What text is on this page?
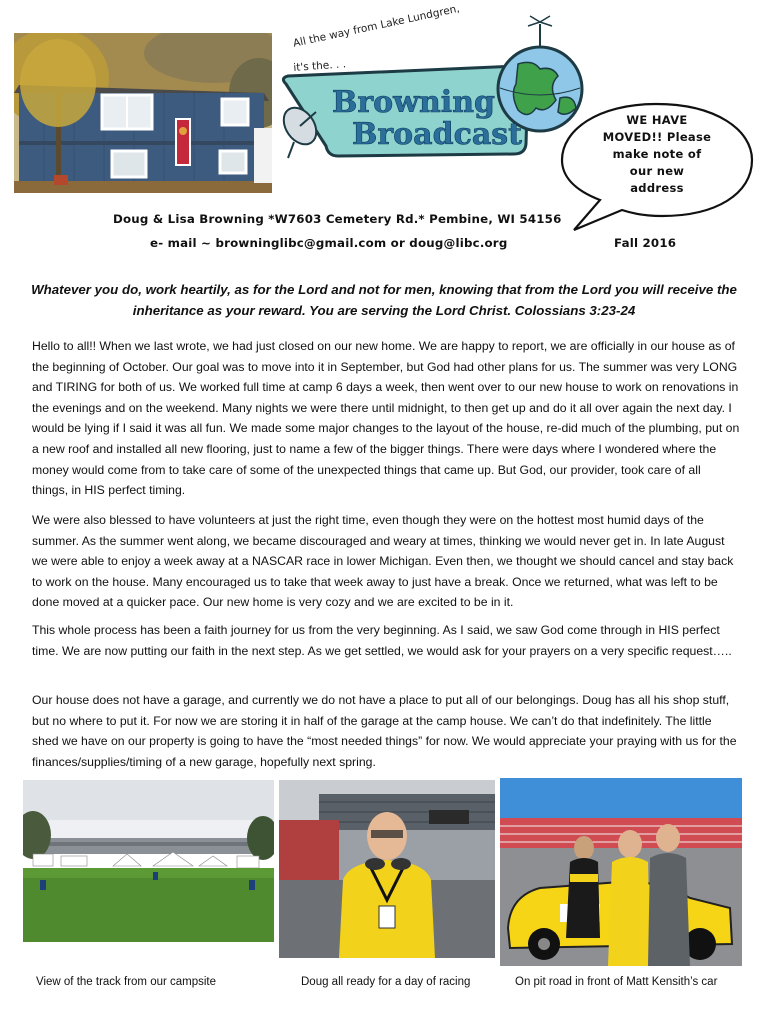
Browning
Broadcast
All the way from Lake Lundgren,
it's the. . .
WE HAVE
MOVED!! Please
make note of
our new
address
Doug & Lisa Browning *W7603 Cemetery Rd.* Pembine, WI 54156
e- mail ~ browninglibc@gmail.com or doug@libc.org	Fall 2016
Whatever you do, work heartily, as for the Lord and not for men, knowing that from the Lord you will receive the inheritance as your reward. You are serving the Lord Christ. Colossians 3:23-24

Hello to all!! When we last wrote, we had just closed on our new home. We are happy to report, we are officially in our house as of the beginning of October. Our goal was to move into it in September, but God had other plans for us. The summer was very LONG and TIRING for both of us. We worked full time at camp 6 days a week, then went over to our new house to work on renovations in the evenings and on the weekend. Many nights we were there until midnight, to then get up and do it all over again the next day. I would be lying if I said it was all fun. We made some major changes to the layout of the house, re-did much of the plumbing, put on a new roof and installed all new flooring, just to name a few of the bigger things. There were days where I wondered where the money would come from to take care of some of the unexpected things that came up. But God, our provider, took care of all things, in HIS perfect timing.

We were also blessed to have volunteers at just the right time, even though they were on the hottest most humid days of the summer. As the summer went along, we became discouraged and weary at times, thinking we would never get in. In late August we were able to enjoy a week away at a NASCAR race in lower Michigan. Even then, we thought we should cancel and stay back to work on the house. Many encouraged us to take that week away to just have a break. Once we returned, what was left to be done moved at a quicker pace. Our new home is very cozy and we are excited to be in it.

This whole process has been a faith journey for us from the very beginning. As I said, we saw God come through in HIS perfect time. We are now putting our faith in the next step. As we get settled, we would ask for your prayers on a very specific request…..

Our house does not have a garage, and currently we do not have a place to put all of our belongings. Doug has all his shop stuff, but no where to put it. For now we are storing it in half of the garage at the camp house. We can’t do that indefinitely. The little shed we have on our property is going to have the “most needed things” for now. We would appreciate your praying with us for the finances/supplies/timing of a new garage, hopefully next spring.

View of the track from our campsite	Doug all ready for a day of racing	On pit road in front of Matt Kensith’s car
